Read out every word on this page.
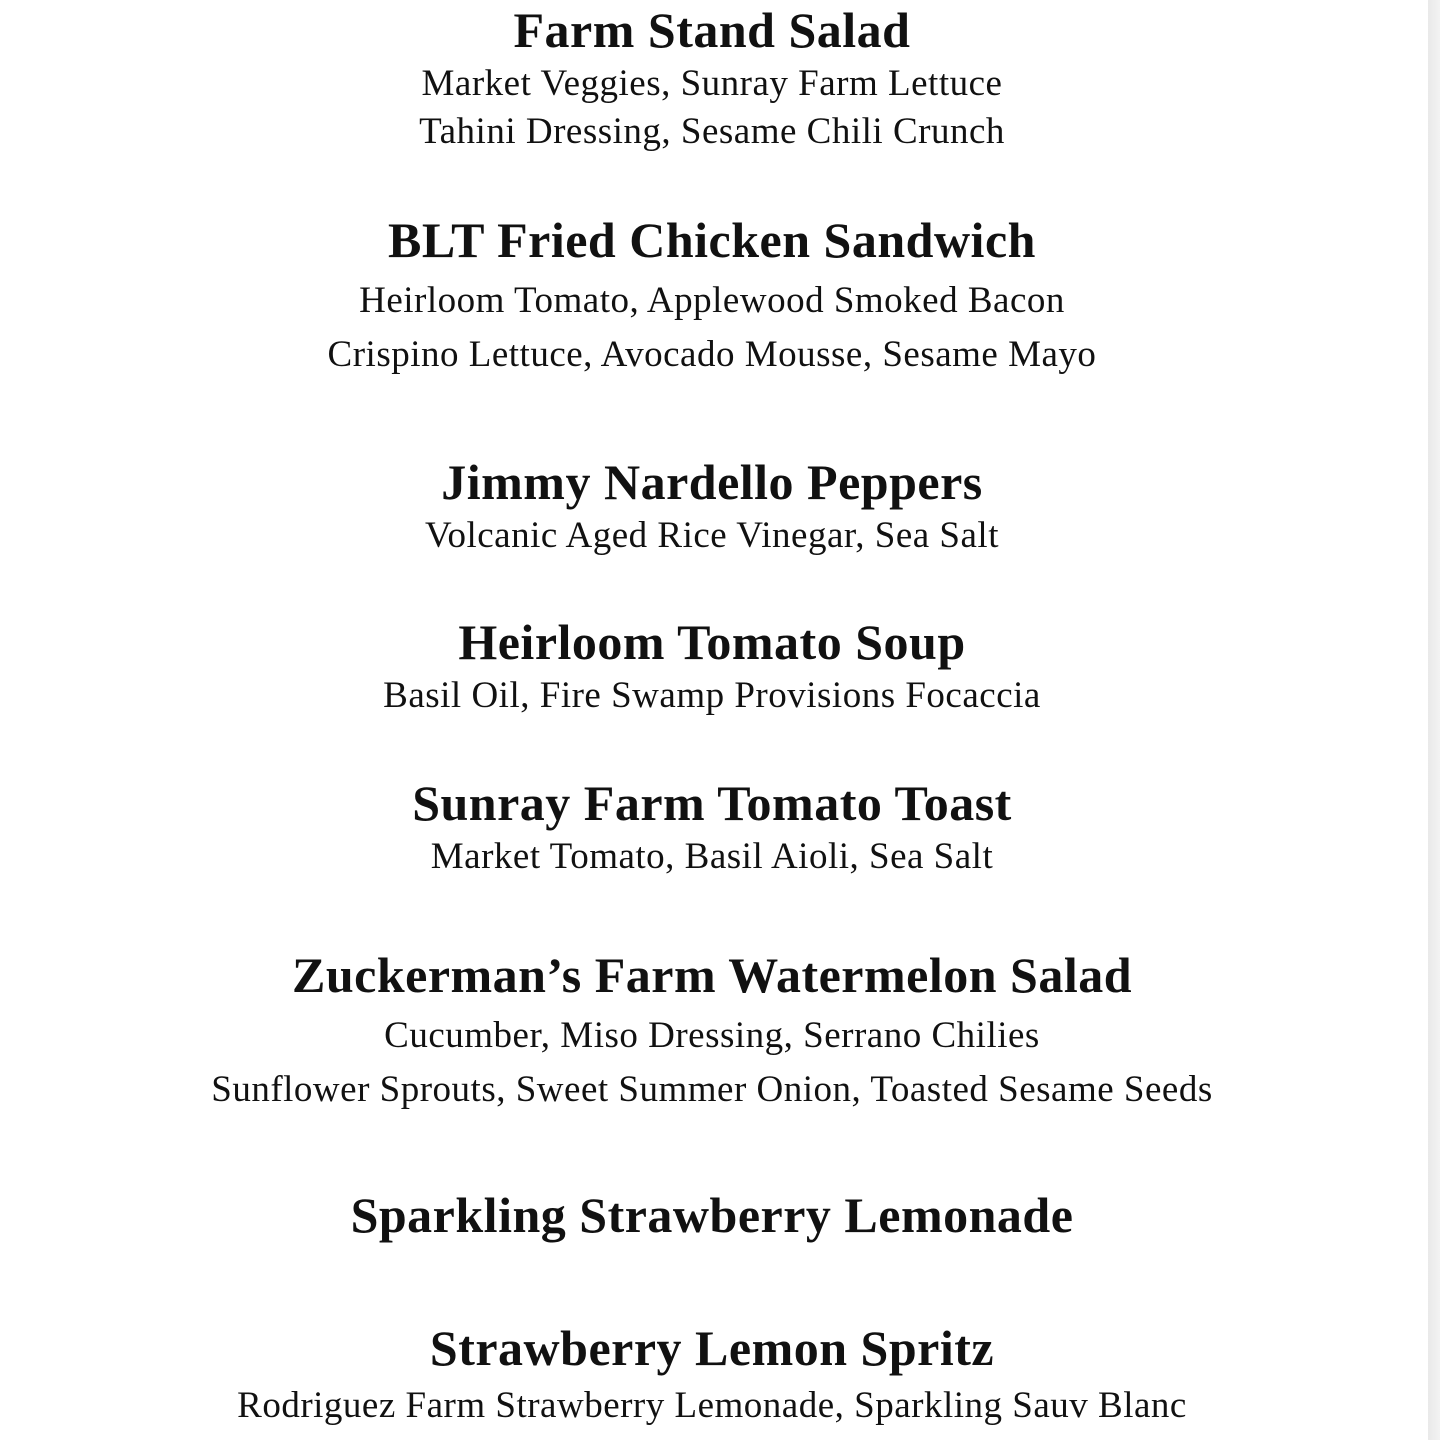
Farm Stand Salad
Market Veggies, Sunray Farm Lettuce
Tahini Dressing, Sesame Chili Crunch
BLT Fried Chicken Sandwich
Heirloom Tomato, Applewood Smoked Bacon
Crispino Lettuce, Avocado Mousse, Sesame Mayo
Jimmy Nardello Peppers
Volcanic Aged Rice Vinegar, Sea Salt
Heirloom Tomato Soup
Basil Oil, Fire Swamp Provisions Focaccia
Sunray Farm Tomato Toast
Market Tomato, Basil Aioli, Sea Salt
Zuckerman’s Farm Watermelon Salad
Cucumber, Miso Dressing, Serrano Chilies
Sunflower Sprouts, Sweet Summer Onion, Toasted Sesame Seeds
Sparkling Strawberry Lemonade
Strawberry Lemon Spritz
Rodriguez Farm Strawberry Lemonade, Sparkling Sauv Blanc
